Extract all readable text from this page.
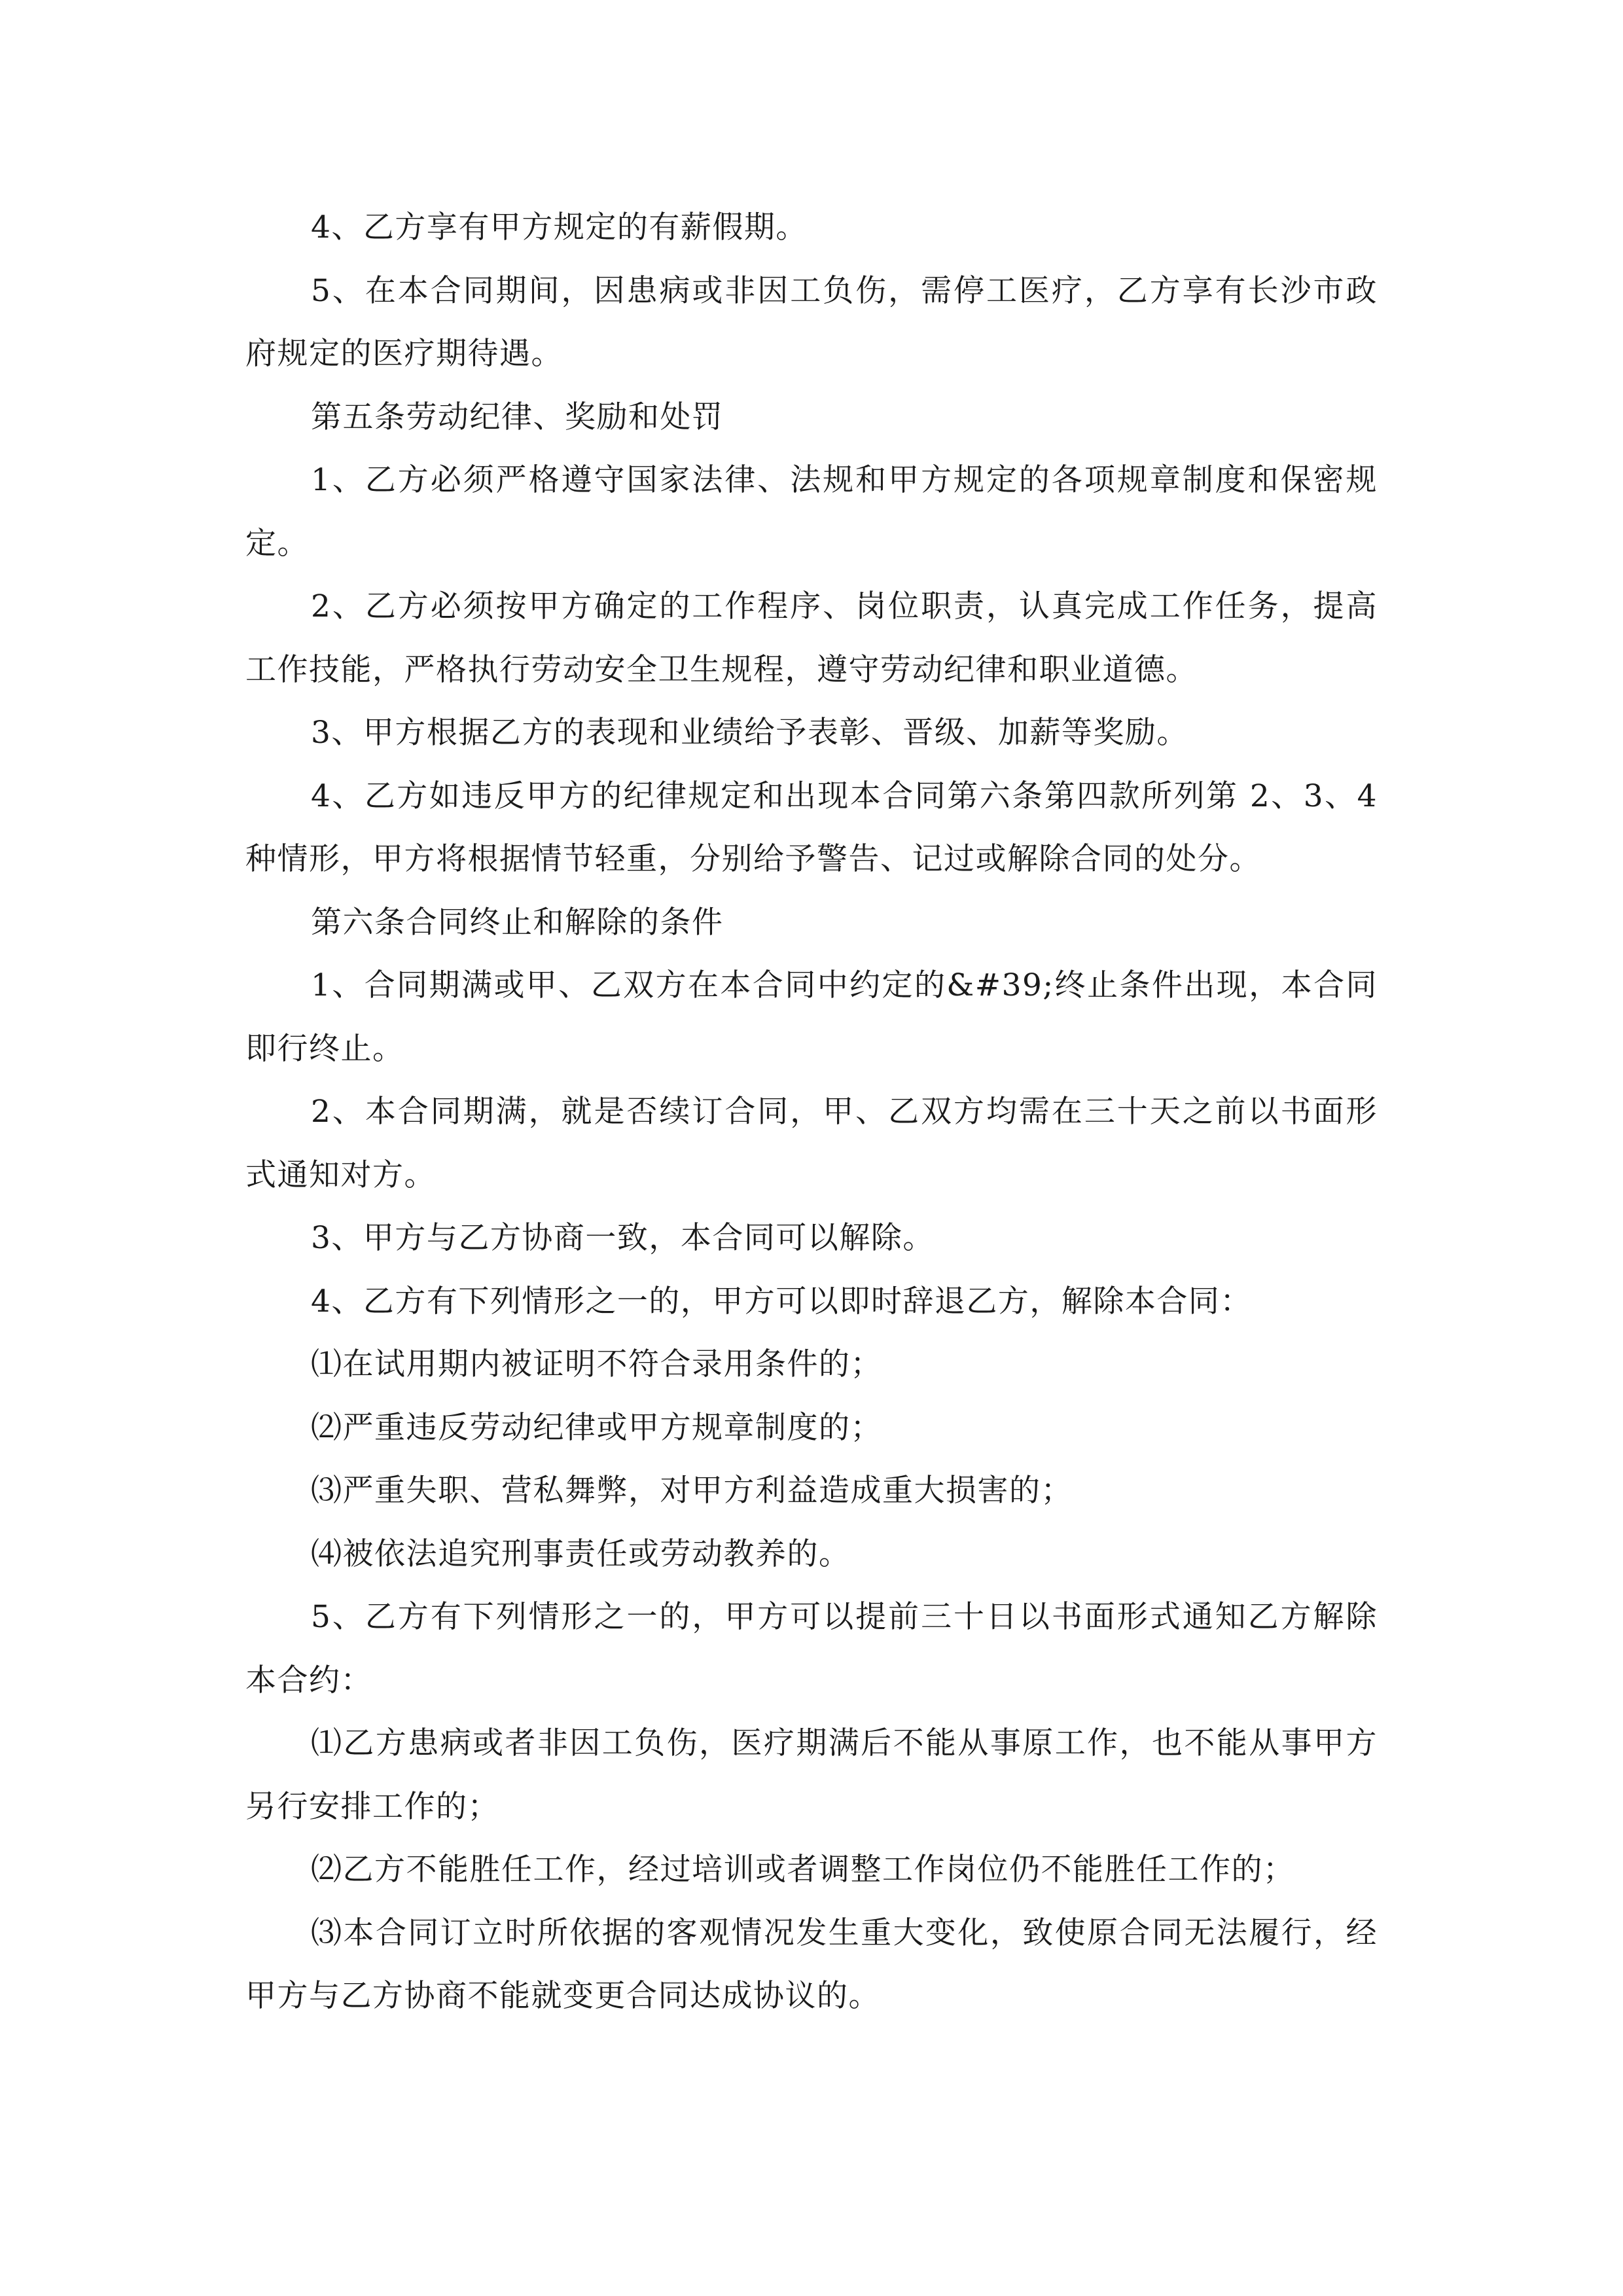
4、乙方享有甲方规定的有薪假期。

5、在本合同期间，因患病或非因工负伤，需停工医疗，乙方享有长沙市政府规定的医疗期待遇。

第五条劳动纪律、奖励和处罚

1、乙方必须严格遵守国家法律、法规和甲方规定的各项规章制度和保密规定。

2、乙方必须按甲方确定的工作程序、岗位职责，认真完成工作任务，提高工作技能，严格执行劳动安全卫生规程，遵守劳动纪律和职业道德。

3、甲方根据乙方的表现和业绩给予表彰、晋级、加薪等奖励。

4、乙方如违反甲方的纪律规定和出现本合同第六条第四款所列第 2、3、4 种情形，甲方将根据情节轻重，分别给予警告、记过或解除合同的处分。

第六条合同终止和解除的条件

1、合同期满或甲、乙双方在本合同中约定的&#39;终止条件出现，本合同即行终止。

2、本合同期满，就是否续订合同，甲、乙双方均需在三十天之前以书面形式通知对方。

3、甲方与乙方协商一致，本合同可以解除。

4、乙方有下列情形之一的，甲方可以即时辞退乙方，解除本合同：

⑴在试用期内被证明不符合录用条件的；

⑵严重违反劳动纪律或甲方规章制度的；

⑶严重失职、营私舞弊，对甲方利益造成重大损害的；

⑷被依法追究刑事责任或劳动教养的。

5、乙方有下列情形之一的，甲方可以提前三十日以书面形式通知乙方解除本合约：

⑴乙方患病或者非因工负伤，医疗期满后不能从事原工作，也不能从事甲方另行安排工作的；

⑵乙方不能胜任工作，经过培训或者调整工作岗位仍不能胜任工作的；

⑶本合同订立时所依据的客观情况发生重大变化，致使原合同无法履行，经甲方与乙方协商不能就变更合同达成协议的。
